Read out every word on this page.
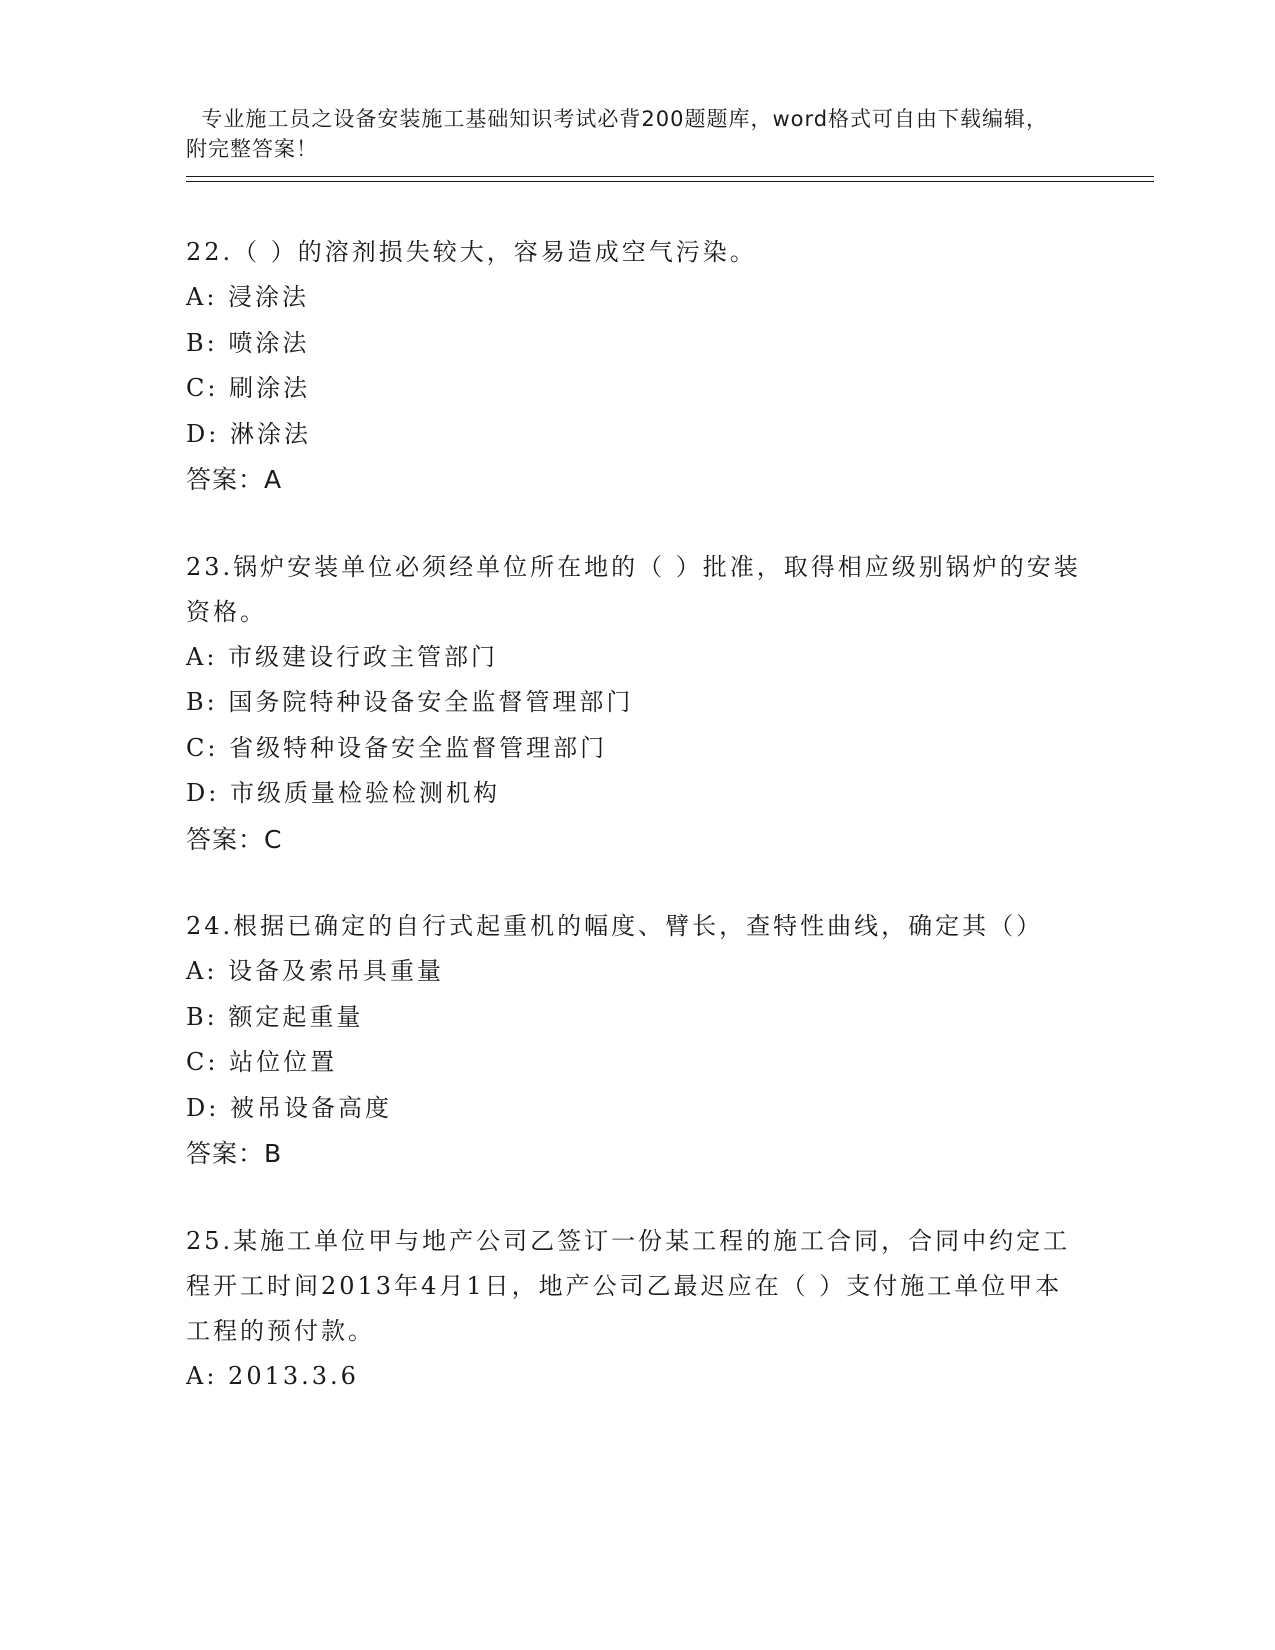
专业施工员之设备安装施工基础知识考试必背200题题库，word格式可自由下载编辑，附完整答案！

22.（ ）的溶剂损失较大，容易造成空气污染。
A: 浸涂法
B: 喷涂法
C: 刷涂法
D: 淋涂法
答案：A
23.锅炉安装单位必须经单位所在地的（ ）批准，取得相应级别锅炉的安装资格。
A: 市级建设行政主管部门
B: 国务院特种设备安全监督管理部门
C: 省级特种设备安全监督管理部门
D: 市级质量检验检测机构
答案：C
24.根据已确定的自行式起重机的幅度、臂长，查特性曲线，确定其（）
A: 设备及索吊具重量
B: 额定起重量
C: 站位位置
D: 被吊设备高度
答案：B
25.某施工单位甲与地产公司乙签订一份某工程的施工合同，合同中约定工程开工时间2013年4月1日，地产公司乙最迟应在（ ）支付施工单位甲本工程的预付款。
A: 2013.3.6
